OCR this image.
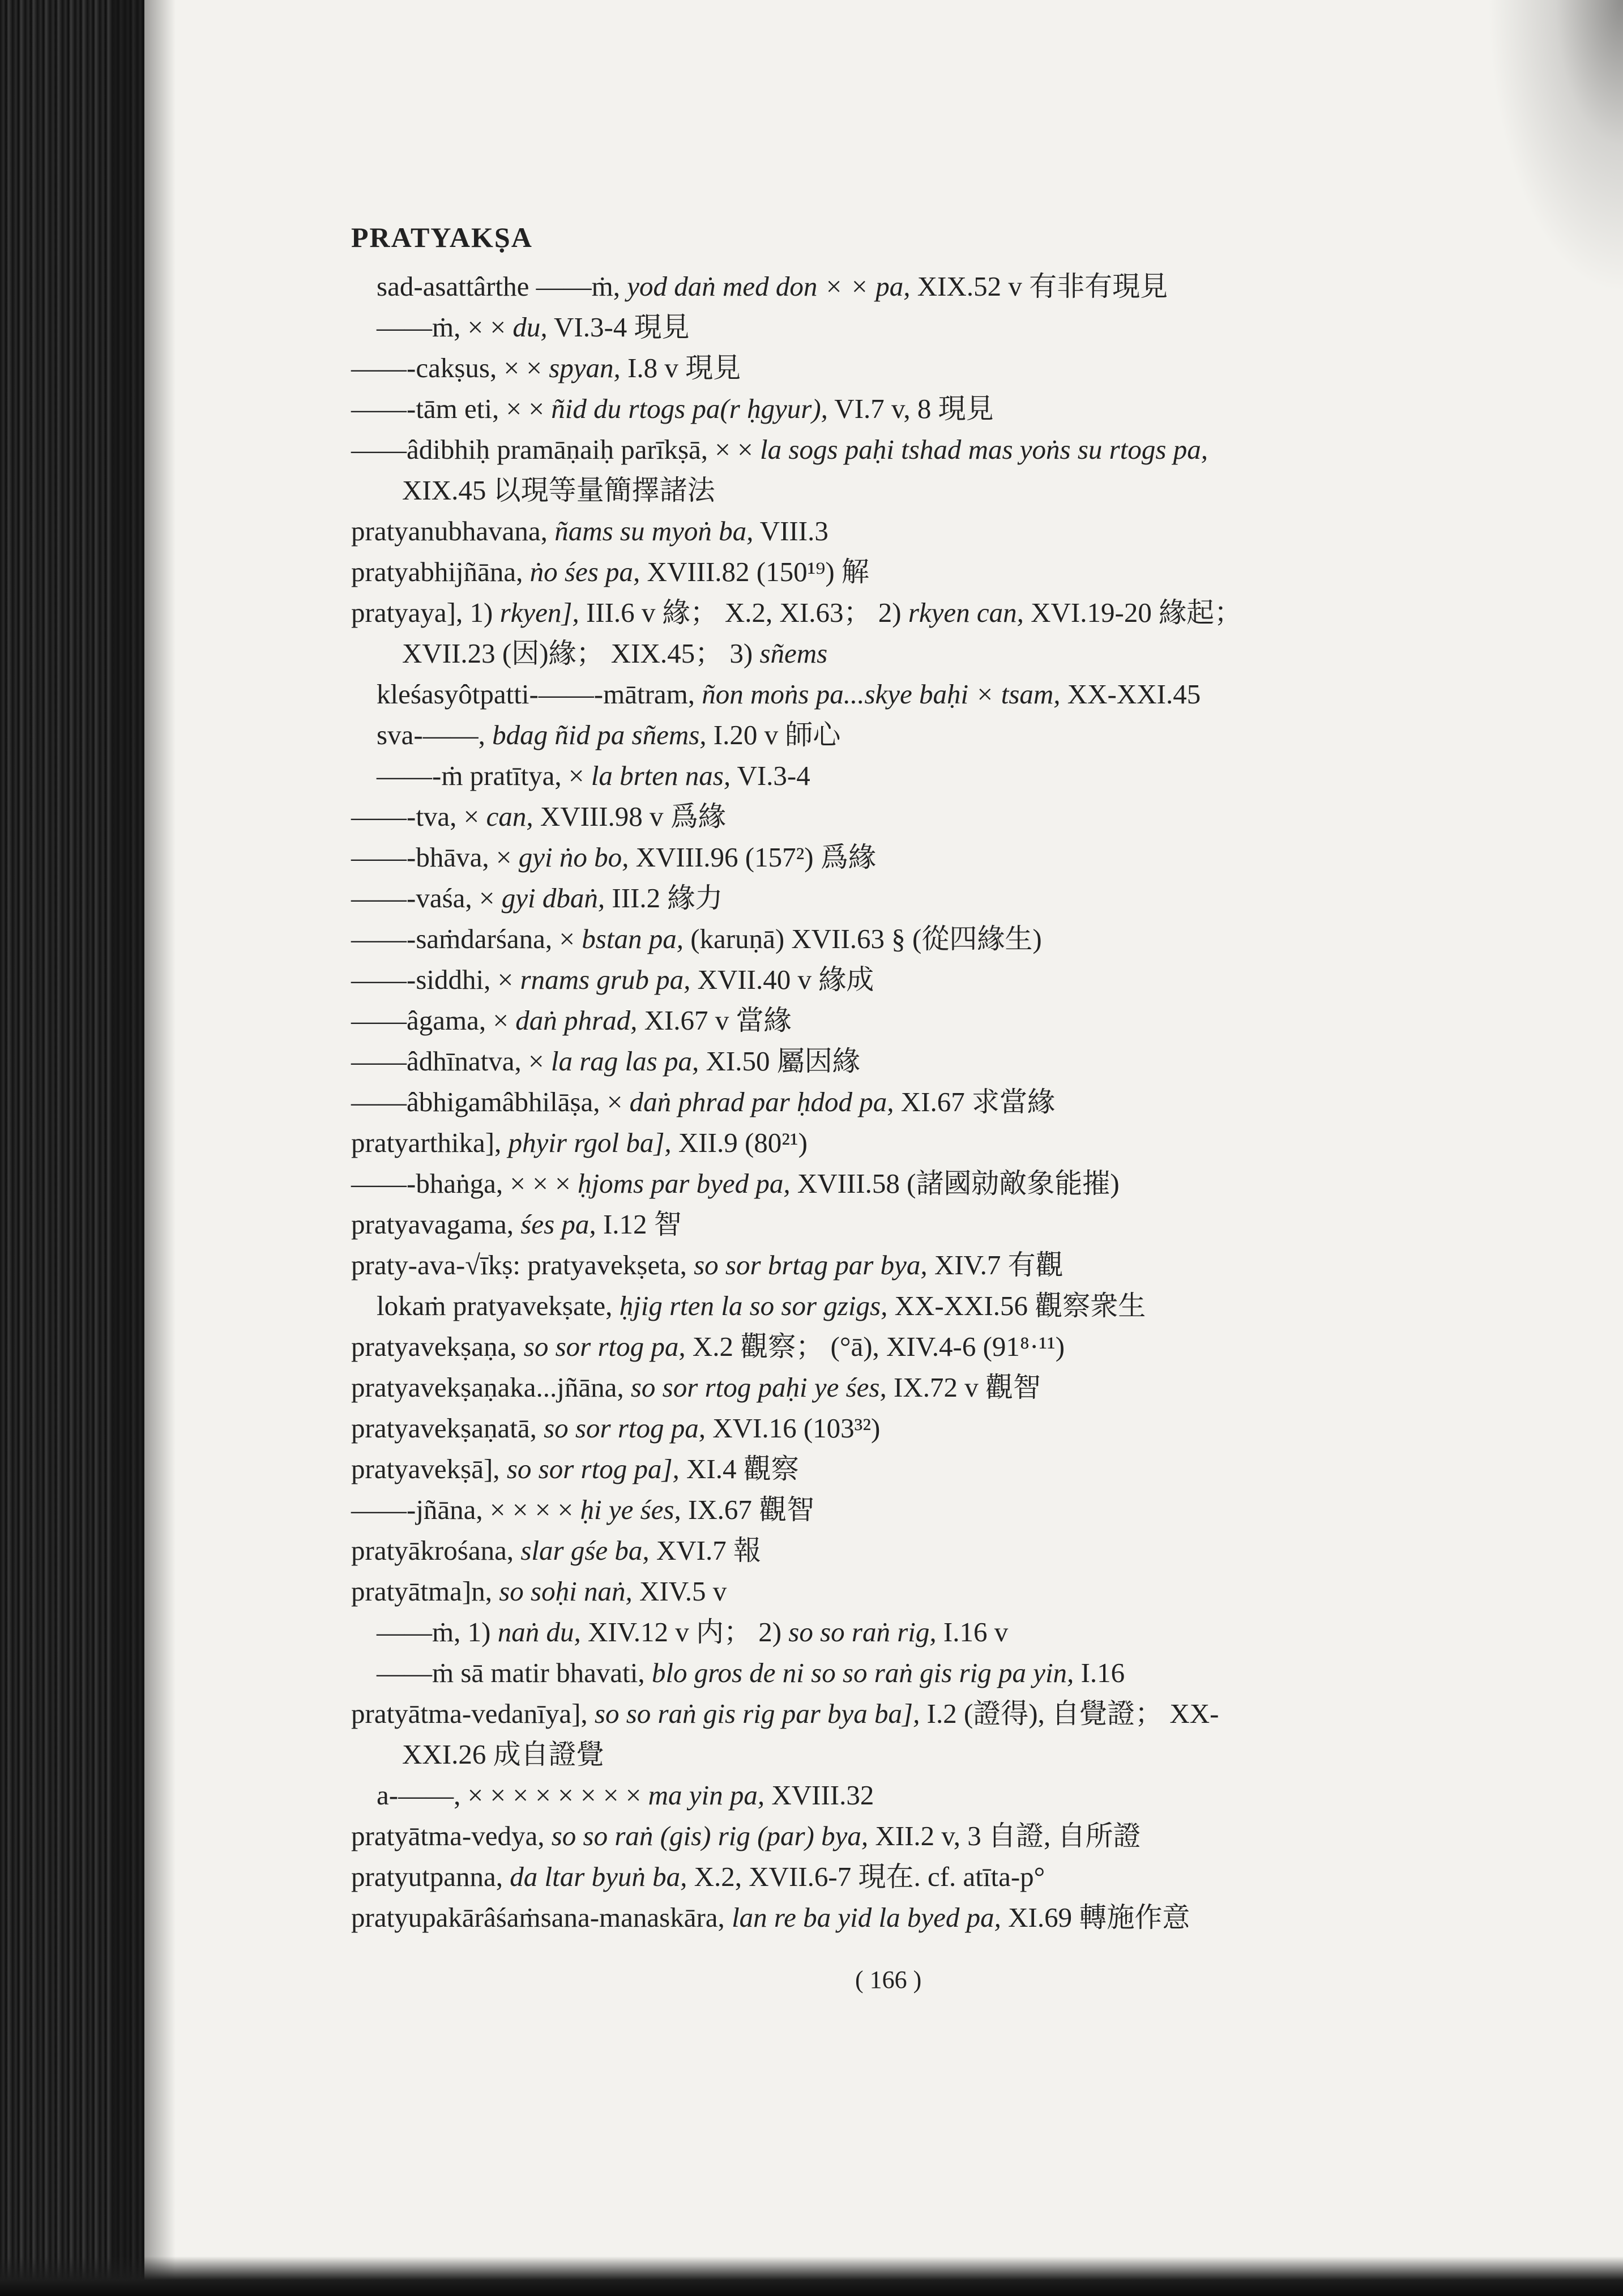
PRATYAKṢA
sad-asattârthe ——ṁ, yod daṅ med don × × pa, XIX.52 v 有非有現見
——ṁ, × × du, VI.3-4 現見
——-cakṣus, × × spyan, I.8 v 現見
——-tām eti, × × ñid du rtogs pa(r ḥgyur), VI.7 v, 8 現見
——âdibhiḥ pramāṇaiḥ parīkṣā, × × la sogs paḥi tshad mas yoṅs su rtogs pa,
XIX.45 以現等量簡擇諸法
pratyanubhavana, ñams su myoṅ ba, VIII.3
pratyabhijñāna, ṅo śes pa, XVIII.82 (150¹⁹) 解
pratyaya], 1) rkyen], III.6 v 緣； X.2, XI.63； 2) rkyen can, XVI.19-20 緣起；
XVII.23 (因)緣； XIX.45； 3) sñems
kleśasyôtpatti-——-mātram, ñon moṅs pa...skye baḥi × tsam, XX-XXI.45
sva-——, bdag ñid pa sñems, I.20 v 師心
——-ṁ pratītya, × la brten nas, VI.3-4
——-tva, × can, XVIII.98 v 爲緣
——-bhāva, × gyi ṅo bo, XVIII.96 (157²) 爲緣
——-vaśa, × gyi dbaṅ, III.2 緣力
——-saṁdarśana, × bstan pa, (karuṇā) XVII.63 § (從四緣生)
——-siddhi, × rnams grub pa, XVII.40 v 緣成
——âgama, × daṅ phrad, XI.67 v 當緣
——âdhīnatva, × la rag las pa, XI.50 屬因緣
——âbhigamâbhilāṣa, × daṅ phrad par ḥdod pa, XI.67 求當緣
pratyarthika], phyir rgol ba], XII.9 (80²¹)
——-bhaṅga, × × × ḥjoms par byed pa, XVIII.58 (諸國勍敵象能摧)
pratyavagama, śes pa, I.12 智
praty-ava-√īkṣ: pratyavekṣeta, so sor brtag par bya, XIV.7 有觀
lokaṁ pratyavekṣate, ḥjig rten la so sor gzigs, XX-XXI.56 觀察衆生
pratyavekṣaṇa, so sor rtog pa, X.2 觀察； (°ā), XIV.4-6 (91⁸·¹¹)
pratyavekṣaṇaka...jñāna, so sor rtog paḥi ye śes, IX.72 v 觀智
pratyavekṣaṇatā, so sor rtog pa, XVI.16 (103³²)
pratyavekṣā], so sor rtog pa], XI.4 觀察
——-jñāna, × × × × ḥi ye śes, IX.67 觀智
pratyākrośana, slar gśe ba, XVI.7 報
pratyātma]n, so soḥi naṅ, XIV.5 v
——ṁ, 1) naṅ du, XIV.12 v 内； 2) so so raṅ rig, I.16 v
——ṁ sā matir bhavati, blo gros de ni so so raṅ gis rig pa yin, I.16
pratyātma-vedanīya], so so raṅ gis rig par bya ba], I.2 (證得), 自覺證； XX-
XXI.26 成自證覺
a-——, × × × × × × × × ma yin pa, XVIII.32
pratyātma-vedya, so so raṅ (gis) rig (par) bya, XII.2 v, 3 自證, 自所證
pratyutpanna, da ltar byuṅ ba, X.2, XVII.6-7 現在. cf. atīta-p°
pratyupakārâśaṁsana-manaskāra, lan re ba yid la byed pa, XI.69 轉施作意
( 166 )
